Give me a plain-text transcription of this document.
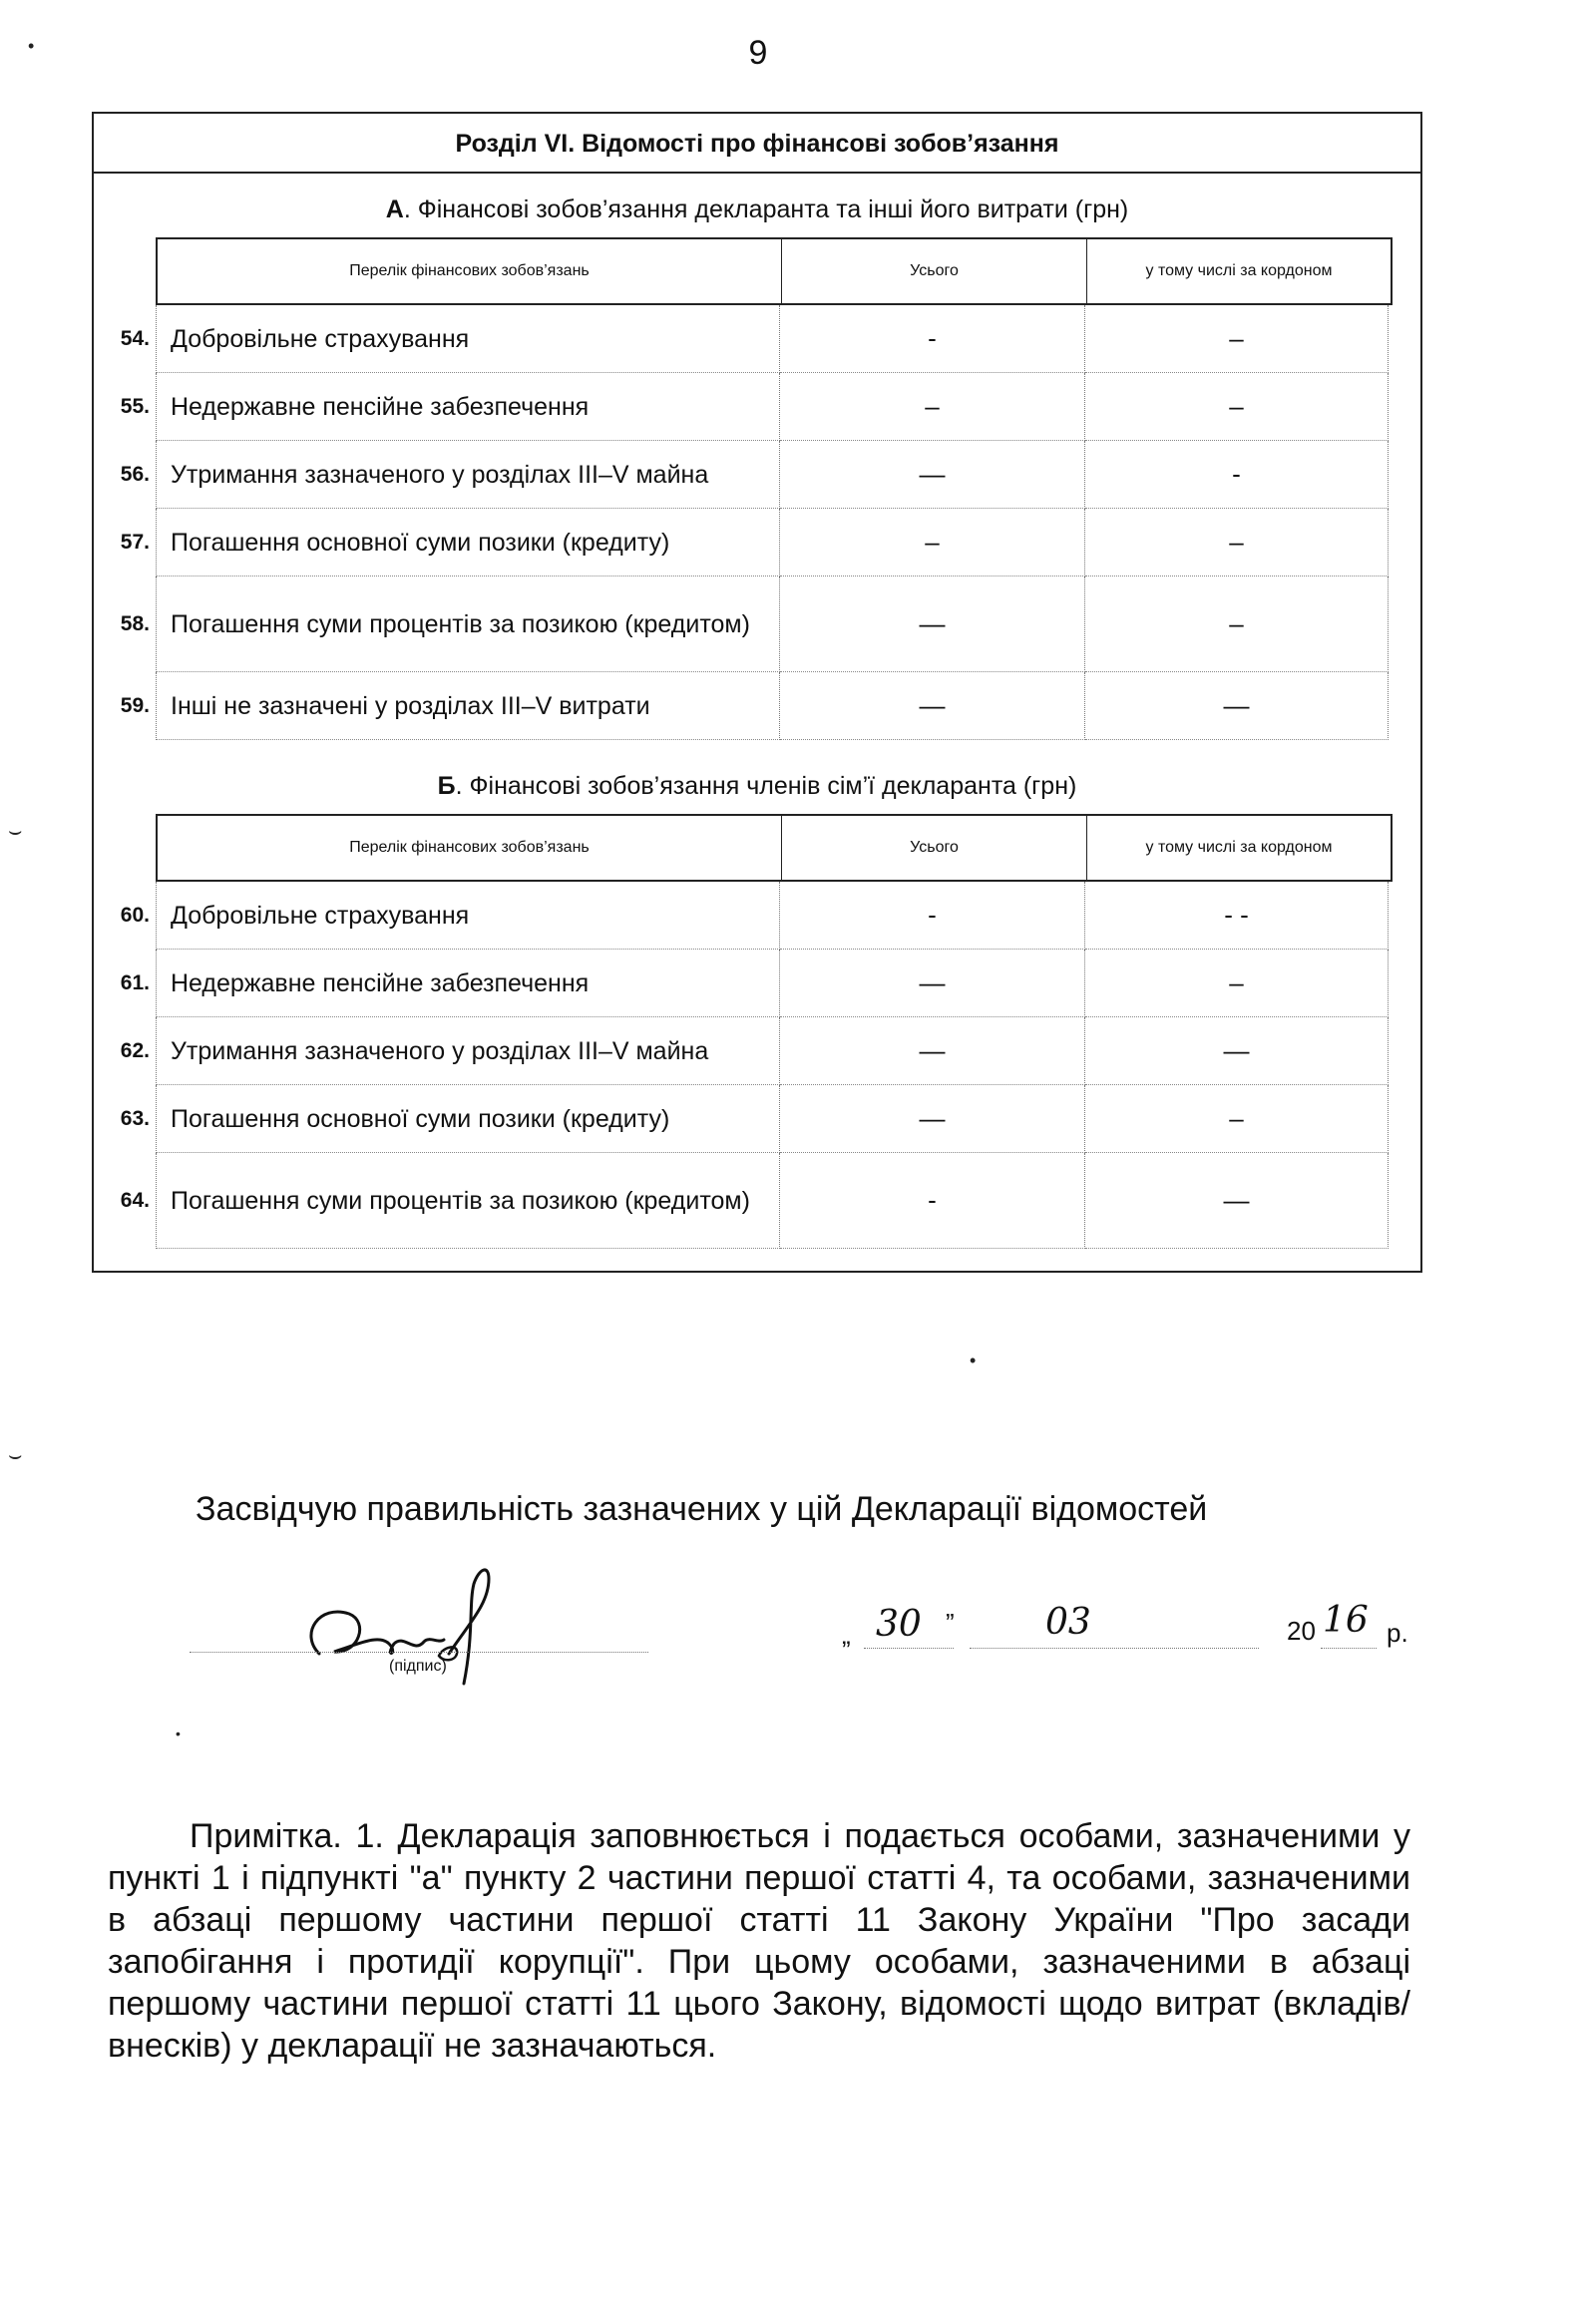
9
•
⌣
⌣
•
Розділ VI. Відомості про фінансові зобов’язання
А. Фінансові зобов’язання декларанта та інші його витрати (грн)
Перелік фінансових зобов’язань	Усього	у тому числі за кордоном
54. Добровільне страхування	-	–
55. Недержавне пенсійне забезпечення	–	–
56. Утримання зазначеного у розділах III–V майна	—	-
57. Погашення основної суми позики (кредиту)	–	–
58. Погашення суми процентів за позикою (кредитом)	—	–
59. Інші не зазначені у розділах III–V витрати	—	—
Б. Фінансові зобов’язання членів сім’ї декларанта (грн)
Перелік фінансових зобов’язань	Усього	у тому числі за кордоном
60. Добровільне страхування	-	- -
61. Недержавне пенсійне забезпечення	—	–
62. Утримання зазначеного у розділах III–V майна	—	—
63. Погашення основної суми позики (кредиту)	—	–
64. Погашення суми процентів за позикою (кредитом)	-	—
Засвідчую правильність зазначених у цій Декларації відомостей
(підпис)
„ 30 ”	03	20 16 р.
•
Примітка. 1. Декларація заповнюється і подається особами, зазначеними у пункті 1 і підпункті "а" пункту 2 частини першої статті 4, та особами, зазначеними в абзаці першому частини першої статті 11 Закону України "Про засади запобігання і протидії корупції". При цьому особами, зазначеними в абзаці першому частини першої статті 11 цього Закону, відомості щодо витрат (вкладів/внесків) у декларації не зазначаються.
